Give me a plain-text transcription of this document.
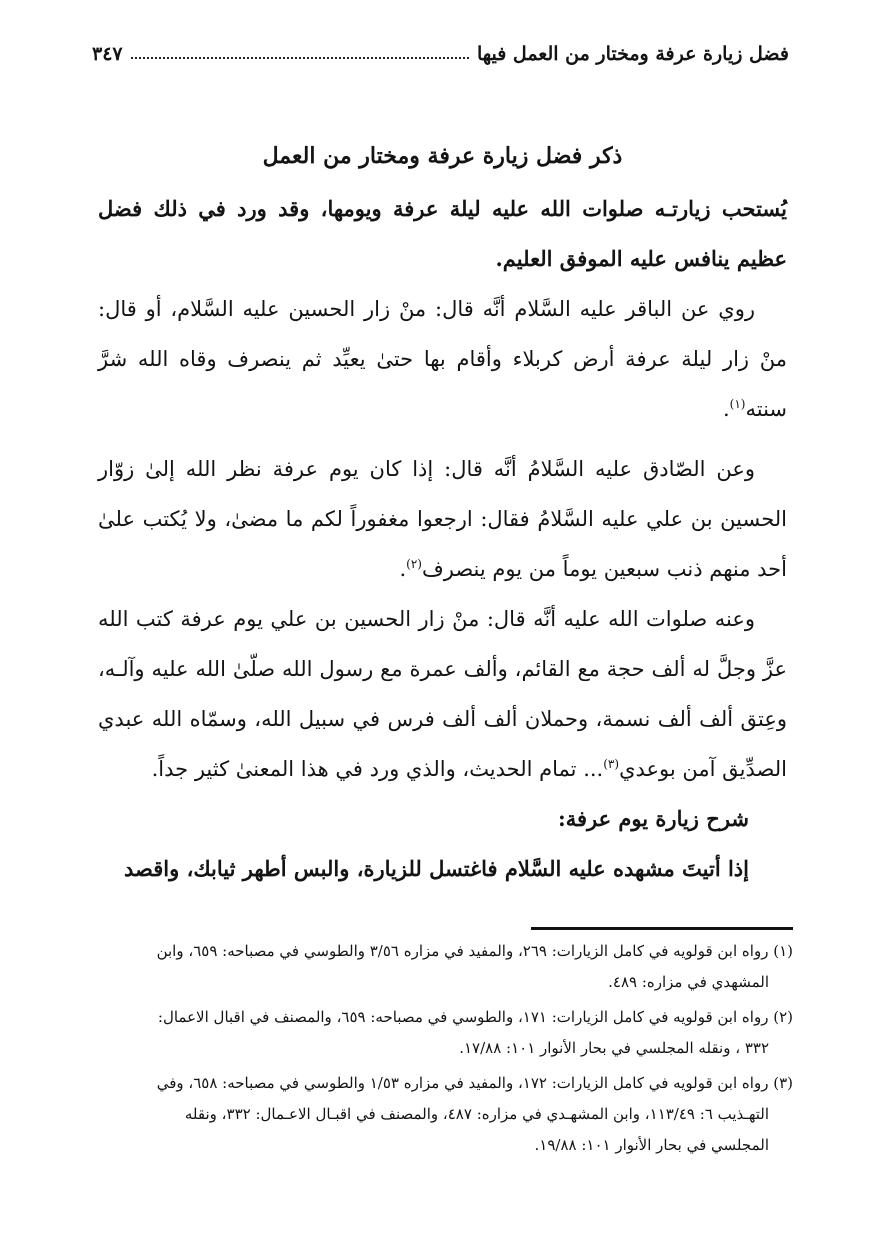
فضل زيارة عرفة ومختار من العمل فيها
٣٤٧
ذكر فضل زيارة عرفة ومختار من العمل

يُستحب زيارتـه صلوات الله عليه ليلة عرفة ويومها، وقد ورد في ذلك فضل عظيم ينافس عليه الموفق العليم.

روي عن الباقر عليه السَّلام أنَّه قال: منْ زار الحسين عليه السَّلام، أو قال: منْ زار ليلة عرفة أرض كربلاء وأقام بها حتىٰ يعيِّد ثم ينصرف وقاه الله شرَّ سنته$^{(١)}$.

وعن الصّادق عليه السَّلامُ أنَّه قال: إذا كان يوم عرفة نظر الله إلىٰ زوّار الحسين بن علي عليه السَّلامُ فقال: ارجعوا مغفوراً لكم ما مضىٰ، ولا يُكتب علىٰ أحد منهم ذنب سبعين يوماً من يوم ينصرف$^{(٢)}$.

وعنه صلوات الله عليه أنَّه قال: منْ زار الحسين بن علي يوم عرفة كتب الله عزَّ وجلَّ له ألف حجة مع القائم، وألف عمرة مع رسول الله صلّىٰ الله عليه وآلـه، وعِتق ألف ألف نسمة، وحملان ألف ألف فرس في سبيل الله، وسمّاه الله عبدي الصدِّيق آمن بوعدي$^{(٣)}$... تمام الحديث، والذي ورد في هذا المعنىٰ كثير جداً.

شرح زيارة يوم عرفة:

إذا أتيتَ مشهده عليه السَّلام فاغتسل للزيارة، والبس أطهر ثيابك، واقصد

(١) رواه ابن قولويه في كامل الزيارات: ٢٦٩، والمفيد في مزاره ٣/٥٦ والطوسي في مصباحه: ٦٥٩، وابن
المشهدي في مزاره: ٤٨٩.
(٢) رواه ابن قولويه في كامل الزيارات: ١٧١، والطوسي في مصباحه: ٦٥٩، والمصنف في اقبال الاعمال:
٣٣٢ ، ونقله المجلسي في بحار الأنوار ١٠١: ١٧/٨٨.
(٣) رواه ابن قولويه في كامل الزيارات: ١٧٢، والمفيد في مزاره ١/٥٣ والطوسي في مصباحه: ٦٥٨، وفي
التهـذيب ٦: ١١٣/٤٩، وابن المشهـدي في مزاره: ٤٨٧، والمصنف في اقبـال الاعـمال: ٣٣٢، ونقله
المجلسي في بحار الأنوار ١٠١: ١٩/٨٨.
